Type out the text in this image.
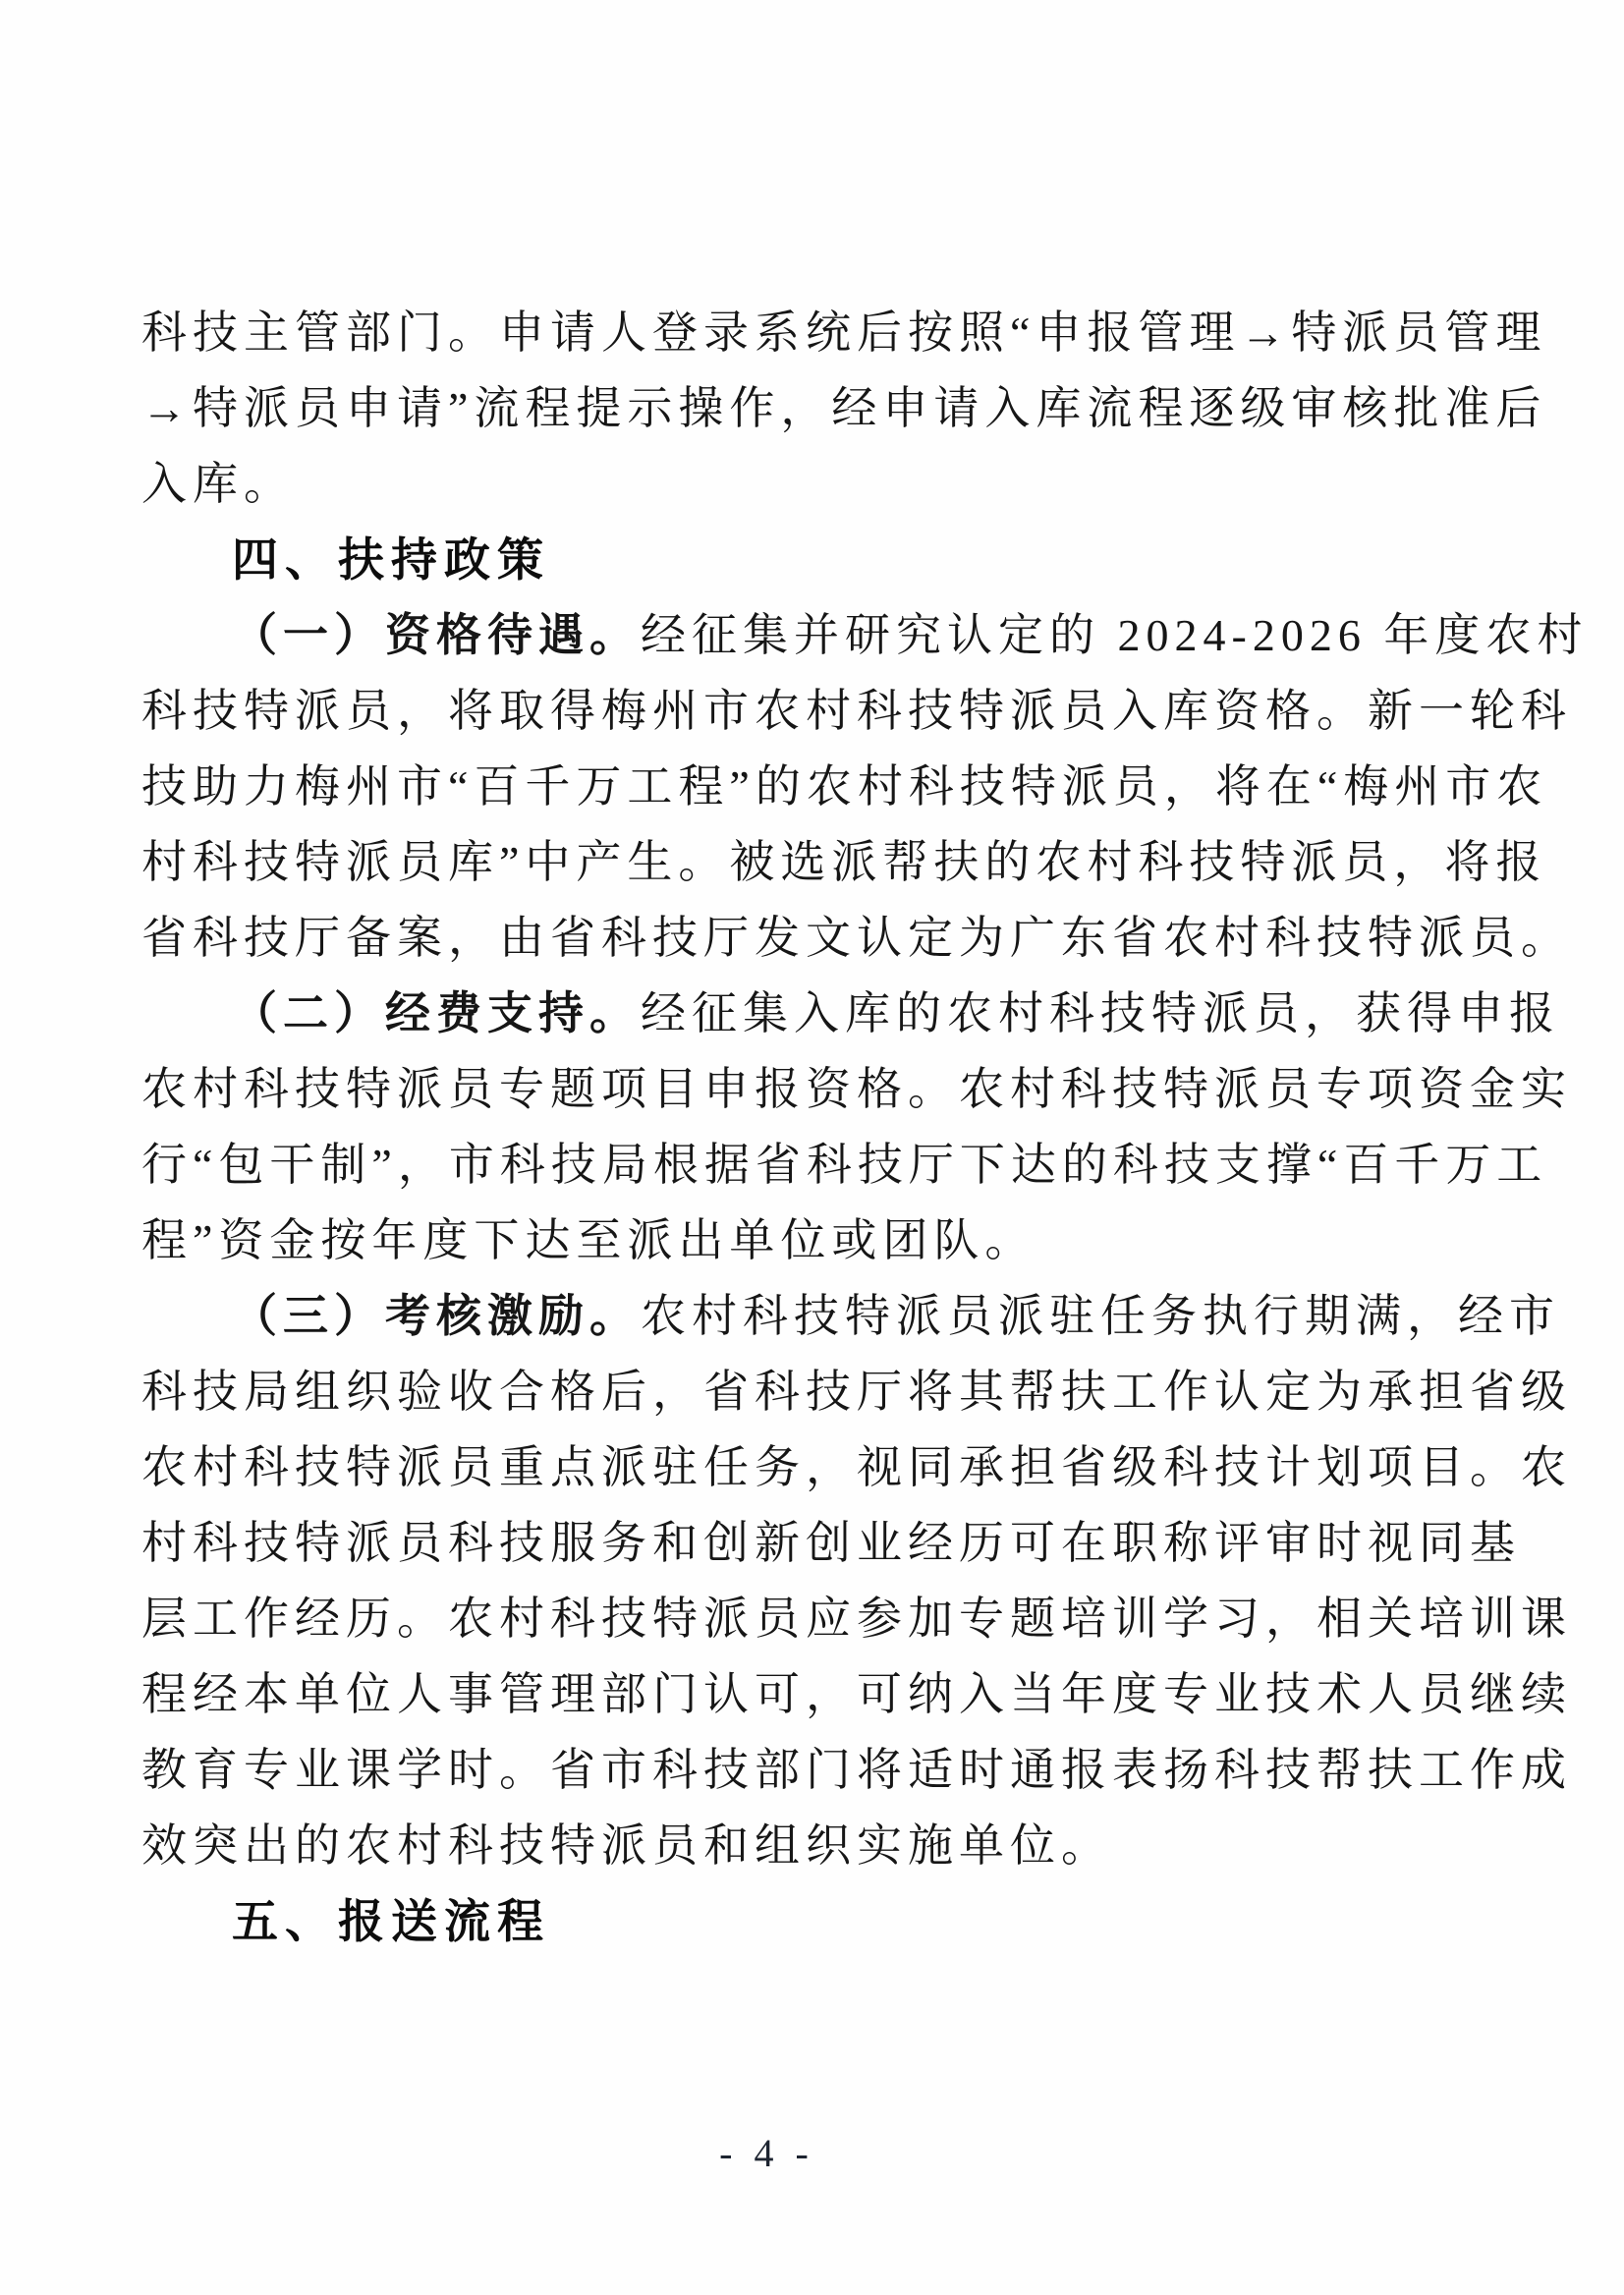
科技主管部门。申请人登录系统后按照“申报管理→特派员管理
→特派员申请”流程提示操作，经申请入库流程逐级审核批准后
入库。
四、扶持政策
（一）资格待遇。经征集并研究认定的 2024-2026 年度农村
科技特派员，将取得梅州市农村科技特派员入库资格。新一轮科
技助力梅州市“百千万工程”的农村科技特派员，将在“梅州市农
村科技特派员库”中产生。被选派帮扶的农村科技特派员，将报
省科技厅备案，由省科技厅发文认定为广东省农村科技特派员。
（二）经费支持。经征集入库的农村科技特派员，获得申报
农村科技特派员专题项目申报资格。农村科技特派员专项资金实
行“包干制”，市科技局根据省科技厅下达的科技支撑“百千万工
程”资金按年度下达至派出单位或团队。
（三）考核激励。农村科技特派员派驻任务执行期满，经市
科技局组织验收合格后，省科技厅将其帮扶工作认定为承担省级
农村科技特派员重点派驻任务，视同承担省级科技计划项目。农
村科技特派员科技服务和创新创业经历可在职称评审时视同基
层工作经历。农村科技特派员应参加专题培训学习，相关培训课
程经本单位人事管理部门认可，可纳入当年度专业技术人员继续
教育专业课学时。省市科技部门将适时通报表扬科技帮扶工作成
效突出的农村科技特派员和组织实施单位。
五、报送流程
- 4 -
